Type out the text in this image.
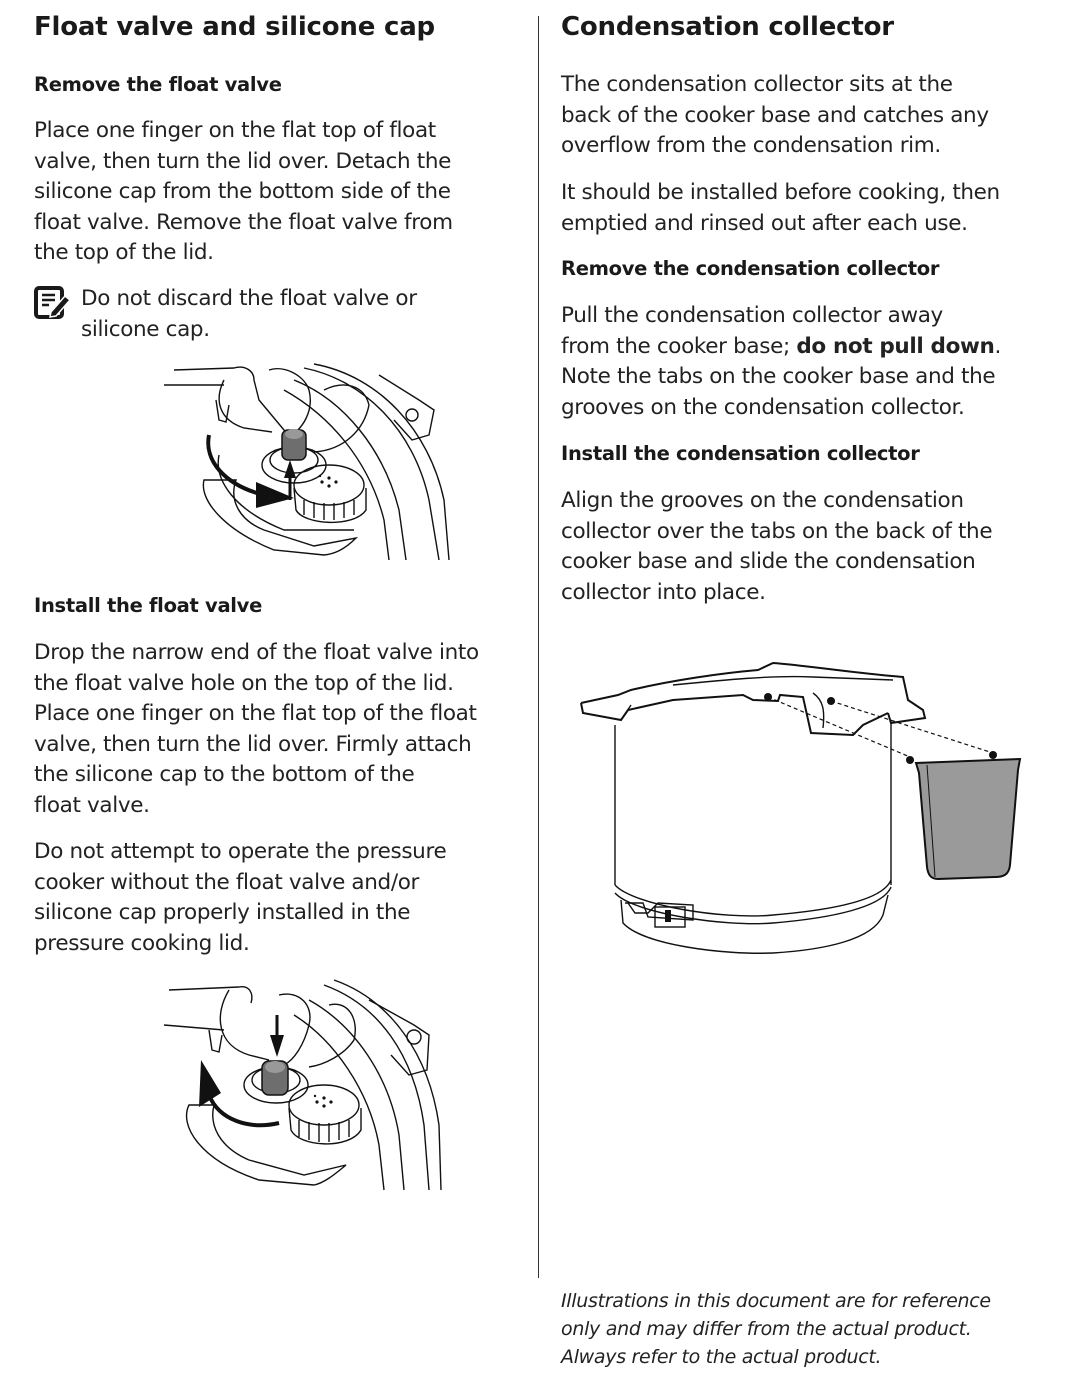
Float valve and silicone cap
Remove the float valve

Place one finger on the flat top of float
valve, then turn the lid over. Detach the
silicone cap from the bottom side of the
float valve. Remove the float valve from
the top of the lid.

Do not discard the float valve or
silicone cap.

Install the float valve

Drop the narrow end of the float valve into
the float valve hole on the top of the lid.
Place one finger on the flat top of the float
valve, then turn the lid over. Firmly attach
the silicone cap to the bottom of the
float valve.

Do not attempt to operate the pressure
cooker without the float valve and/or
silicone cap properly installed in the
pressure cooking lid.

Condensation collector

The condensation collector sits at the
back of the cooker base and catches any
overflow from the condensation rim.

It should be installed before cooking, then
emptied and rinsed out after each use.

Remove the condensation collector

Pull the condensation collector away
from the cooker base; do not pull down.
Note the tabs on the cooker base and the
grooves on the condensation collector.

Install the condensation collector

Align the grooves on the condensation
collector over the tabs on the back of the
cooker base and slide the condensation
collector into place.

Illustrations in this document are for reference
only and may differ from the actual product.
Always refer to the actual product.
